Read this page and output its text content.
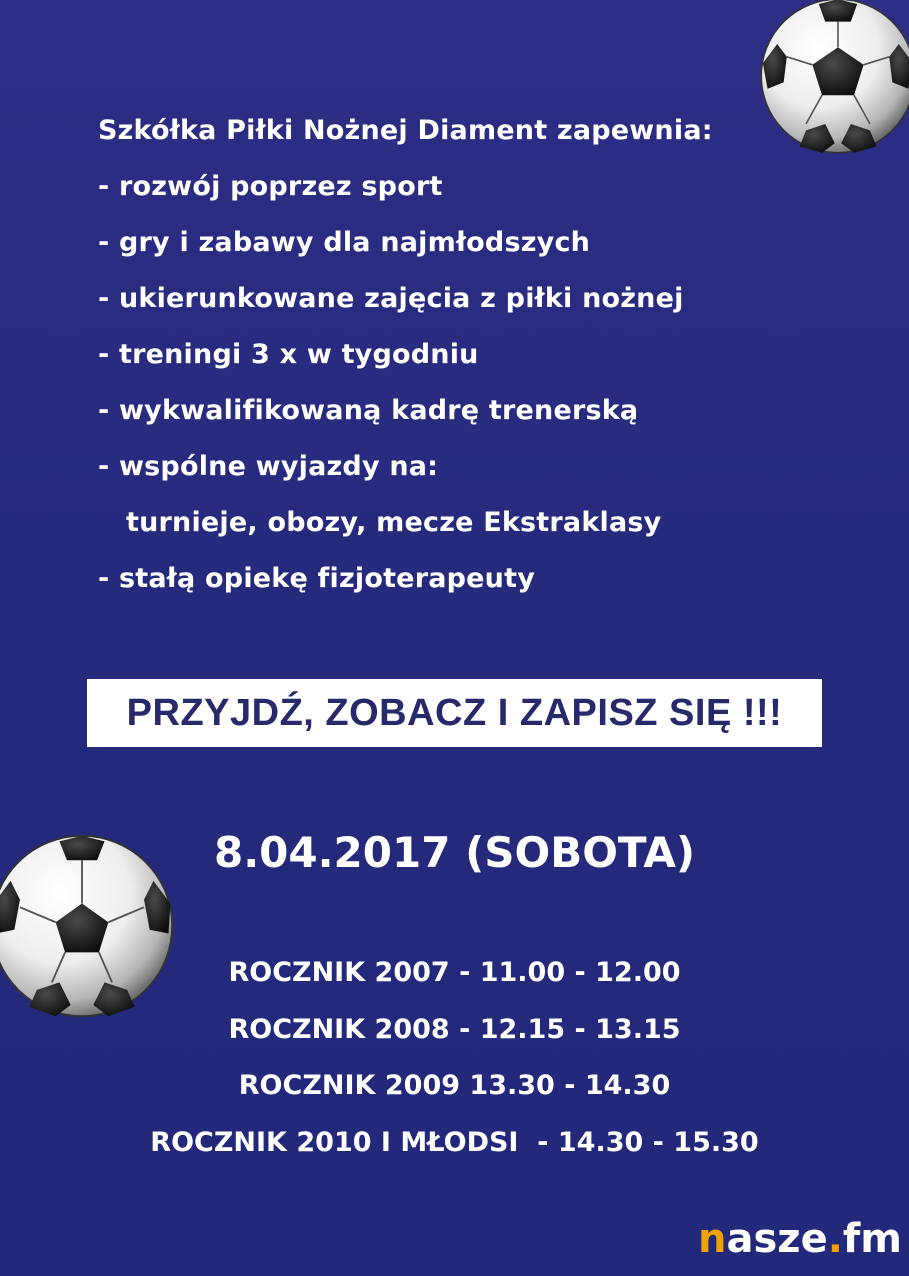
Szkółka Piłki Nożnej Diament zapewnia:
- rozwój poprzez sport
- gry i zabawy dla najmłodszych
- ukierunkowane zajęcia z piłki nożnej
- treningi 3 x w tygodniu
- wykwalifikowaną kadrę trenerską
- wspólne wyjazdy na:
turnieje, obozy, mecze Ekstraklasy
- stałą opiekę fizjoterapeuty
PRZYJDŹ, ZOBACZ I ZAPISZ SIĘ !!!
8.04.2017 (SOBOTA)
ROCZNIK 2007 - 11.00 - 12.00
ROCZNIK 2008 - 12.15 - 13.15
ROCZNIK 2009 13.30 - 14.30
ROCZNIK 2010 I MŁODSI  - 14.30 - 15.30
nasze.fm
